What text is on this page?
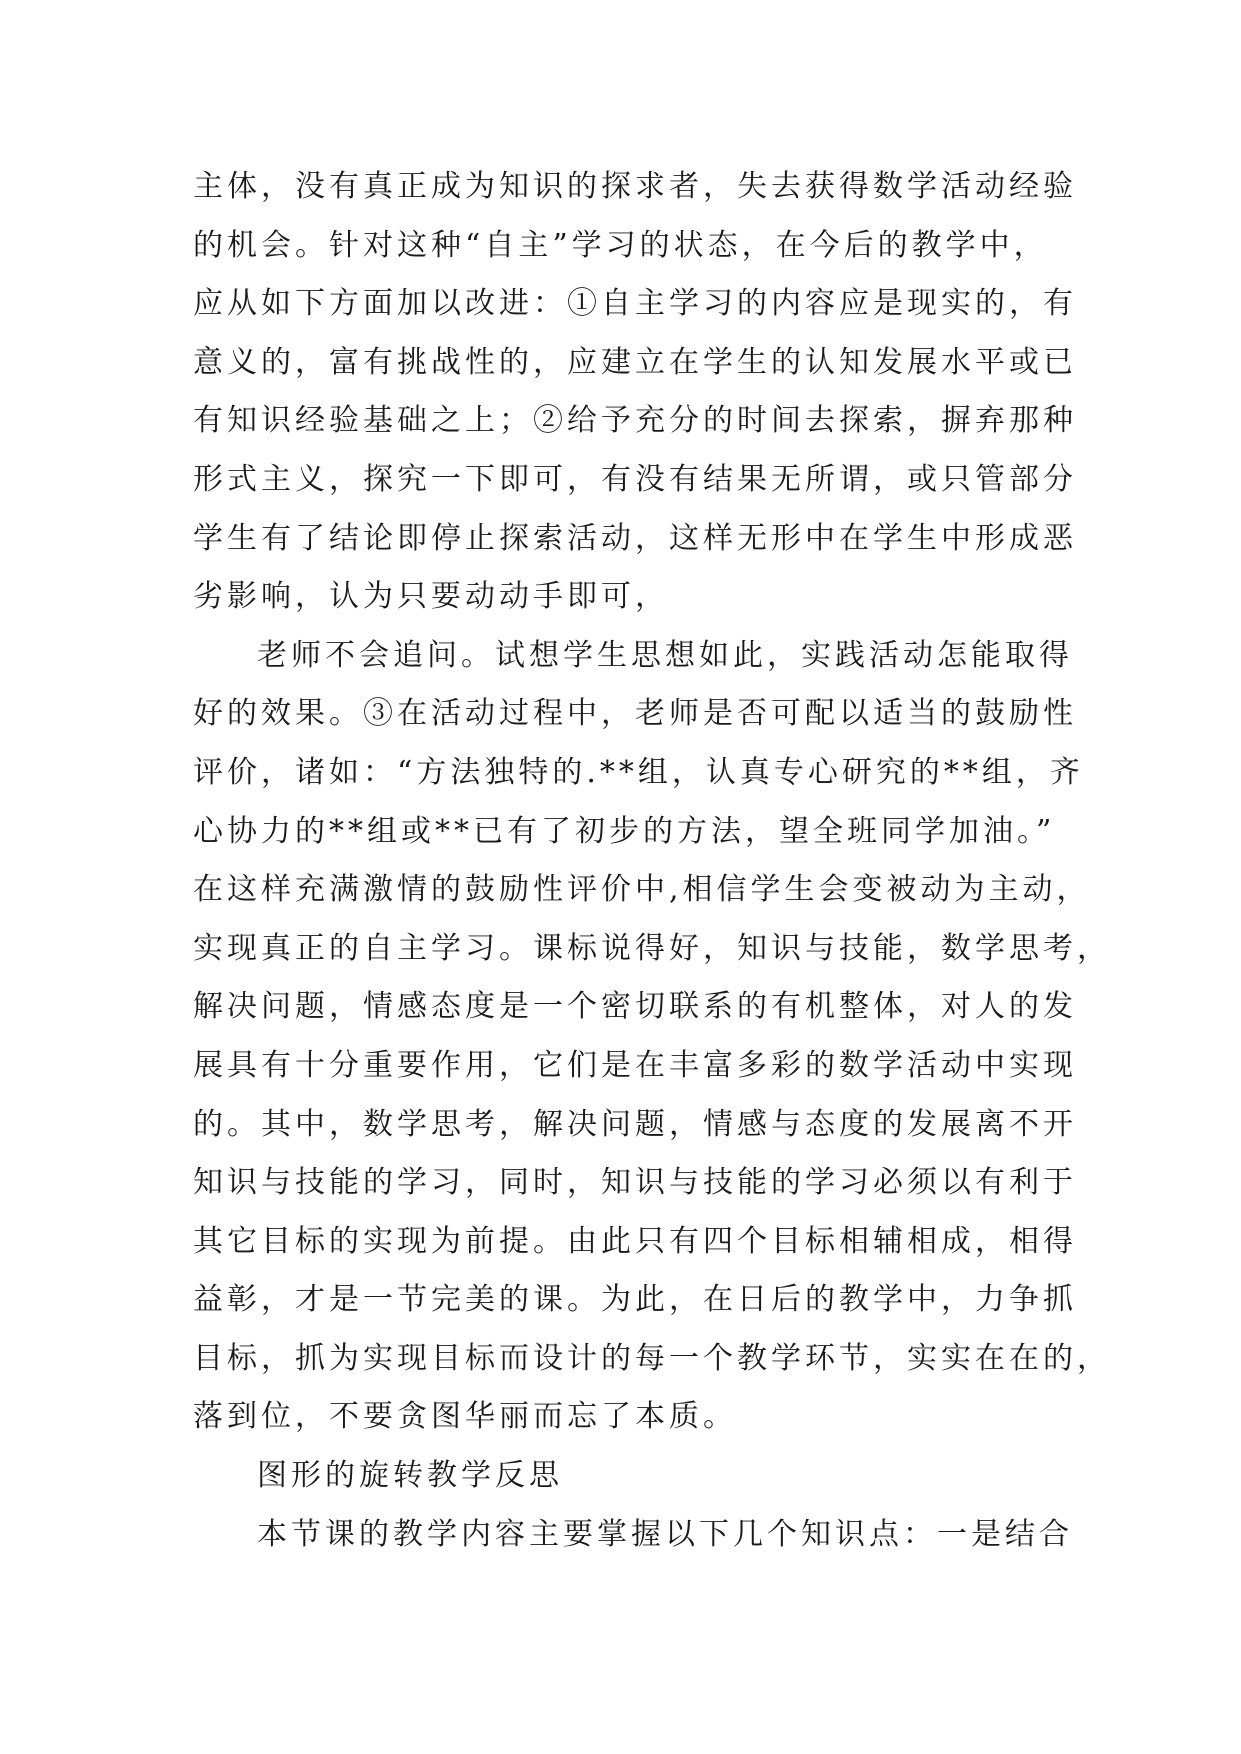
主体，没有真正成为知识的探求者，失去获得数学活动经验
的机会。针对这种“自主”学习的状态，在今后的教学中，
应从如下方面加以改进：①自主学习的内容应是现实的，有
意义的，富有挑战性的，应建立在学生的认知发展水平或已
有知识经验基础之上；②给予充分的时间去探索，摒弃那种
形式主义，探究一下即可，有没有结果无所谓，或只管部分
学生有了结论即停止探索活动，这样无形中在学生中形成恶
劣影响，认为只要动动手即可，
老师不会追问。试想学生思想如此，实践活动怎能取得
好的效果。③在活动过程中，老师是否可配以适当的鼓励性
评价，诸如：“方法独特的.**组，认真专心研究的**组，齐
心协力的**组或**已有了初步的方法，望全班同学加油。”
在这样充满激情的鼓励性评价中,相信学生会变被动为主动，
实现真正的自主学习。课标说得好，知识与技能，数学思考，
解决问题，情感态度是一个密切联系的有机整体，对人的发
展具有十分重要作用，它们是在丰富多彩的数学活动中实现
的。其中，数学思考，解决问题，情感与态度的发展离不开
知识与技能的学习，同时，知识与技能的学习必须以有利于
其它目标的实现为前提。由此只有四个目标相辅相成，相得
益彰，才是一节完美的课。为此，在日后的教学中，力争抓
目标，抓为实现目标而设计的每一个教学环节，实实在在的，
落到位，不要贪图华丽而忘了本质。
图形的旋转教学反思
本节课的教学内容主要掌握以下几个知识点：一是结合
